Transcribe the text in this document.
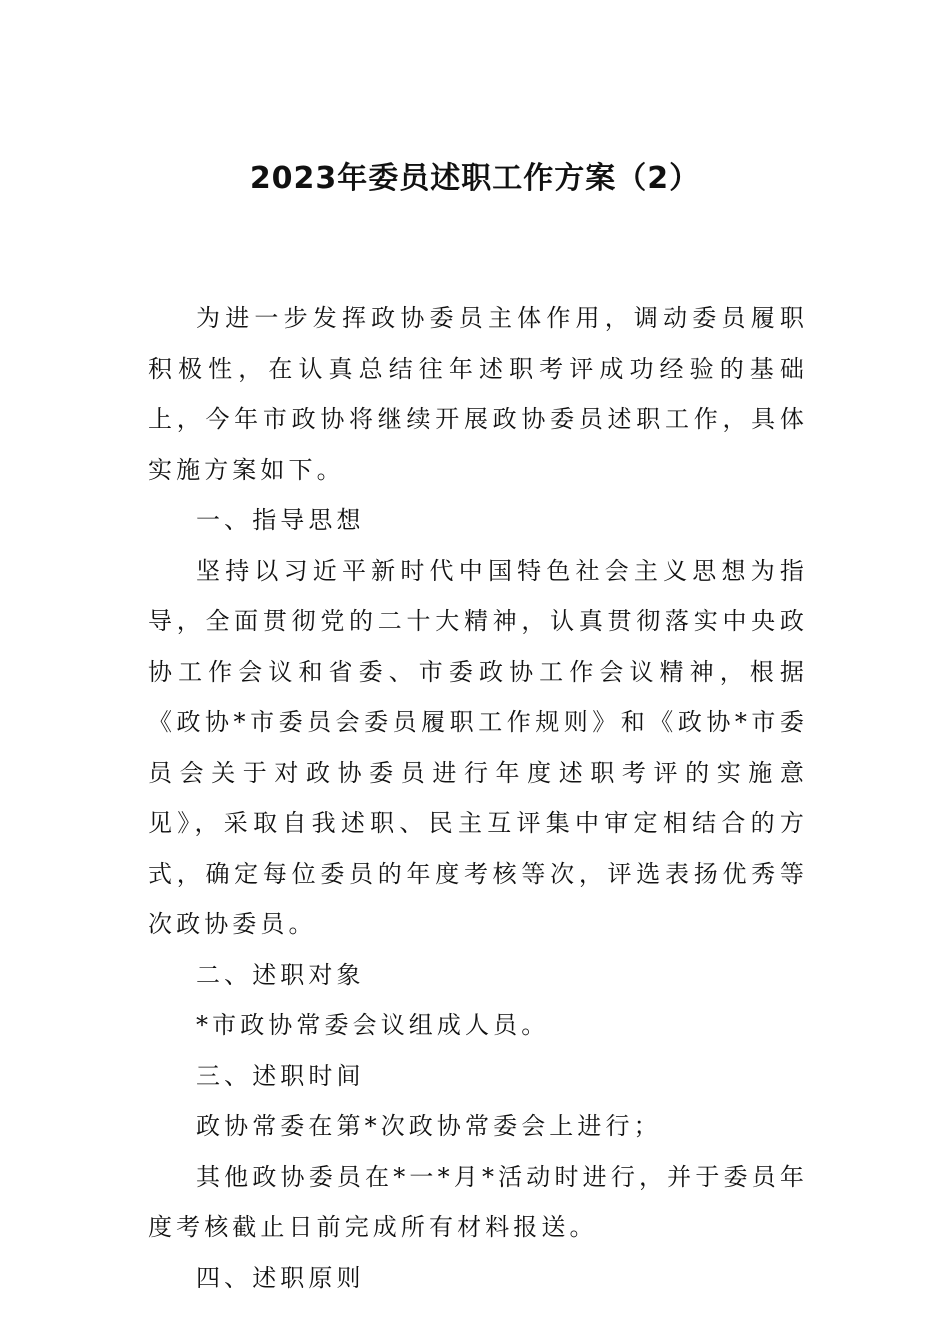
2023年委员述职工作方案（2）

为进一步发挥政协委员主体作用，调动委员履职积极性，在认真总结往年述职考评成功经验的基础上，今年市政协将继续开展政协委员述职工作，具体实施方案如下。

一、指导思想

坚持以习近平新时代中国特色社会主义思想为指导，全面贯彻党的二十大精神，认真贯彻落实中央政协工作会议和省委、市委政协工作会议精神，根据《政协*市委员会委员履职工作规则》和《政协*市委员会关于对政协委员进行年度述职考评的实施意见》，采取自我述职、民主互评集中审定相结合的方式，确定每位委员的年度考核等次，评选表扬优秀等次政协委员。

二、述职对象

*市政协常委会议组成人员。

三、述职时间

政协常委在第*次政协常委会上进行；

其他政协委员在*一*月*活动时进行，并于委员年度考核截止日前完成所有材料报送。

四、述职原则
